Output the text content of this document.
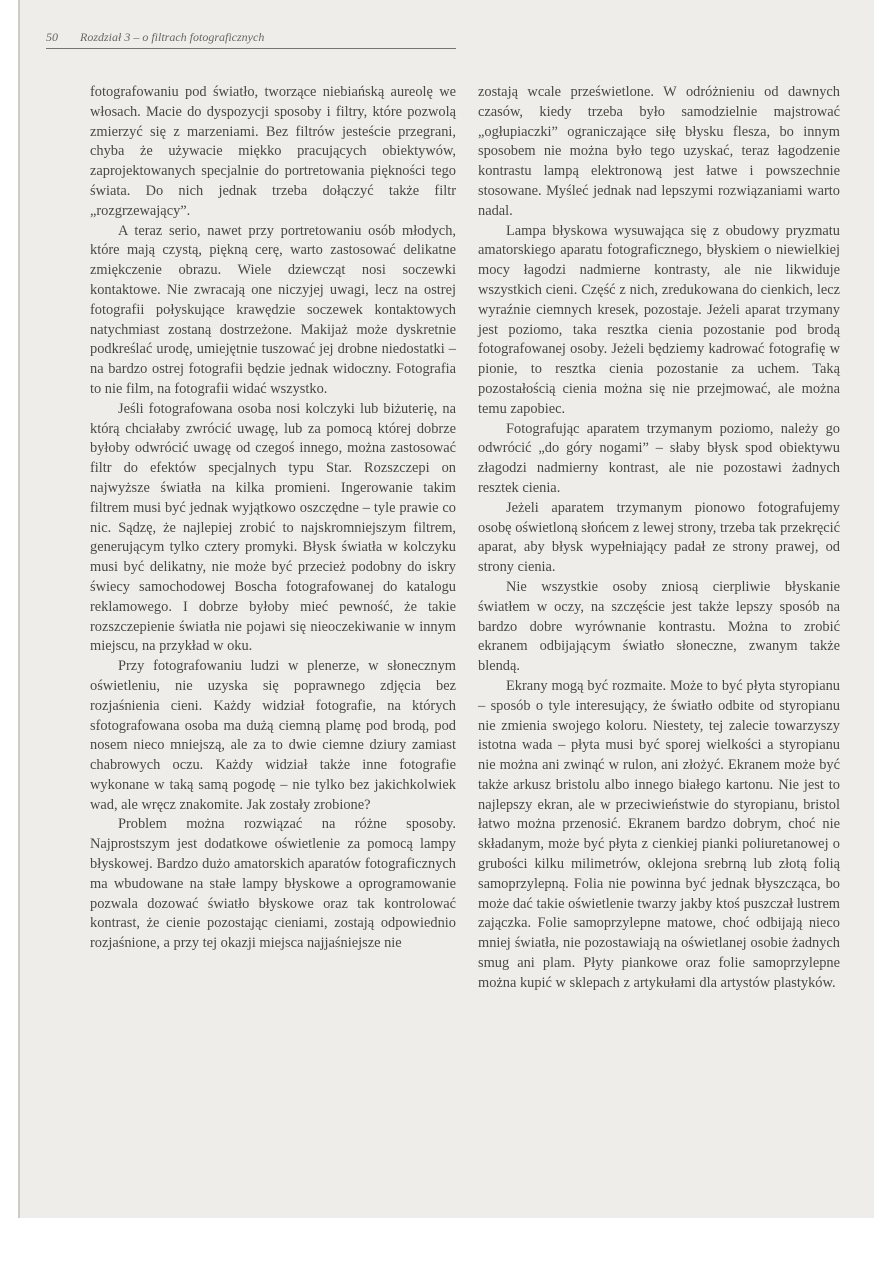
50 Rozdział 3 – o filtrach fotograficznych

fotografowaniu pod światło, tworzące niebiańską aureolę we włosach. Macie do dyspozycji sposoby i filtry, które pozwolą zmierzyć się z marzeniami. Bez filtrów jesteście przegrani, chyba że używacie miękko pracujących obiektywów, zaprojektowanych specjalnie do portretowania piękności tego świata. Do nich jednak trzeba dołączyć także filtr „rozgrzewający”.

A teraz serio, nawet przy portretowaniu osób młodych, które mają czystą, piękną cerę, warto zastosować delikatne zmiękczenie obrazu. Wiele dziewcząt nosi soczewki kontaktowe. Nie zwracają one niczyjej uwagi, lecz na ostrej fotografii połyskujące krawędzie soczewek kontaktowych natychmiast zostaną dostrzeżone. Makijaż może dyskretnie podkreślać urodę, umiejętnie tuszować jej drobne niedostatki – na bardzo ostrej fotografii będzie jednak widoczny. Fotografia to nie film, na fotografii widać wszystko.

Jeśli fotografowana osoba nosi kolczyki lub biżuterię, na którą chciałaby zwrócić uwagę, lub za pomocą której dobrze byłoby odwrócić uwagę od czegoś innego, można zastosować filtr do efektów specjalnych typu Star. Rozszczepi on najwyższe światła na kilka promieni. Ingerowanie takim filtrem musi być jednak wyjątkowo oszczędne – tyle prawie co nic. Sądzę, że najlepiej zrobić to najskromniejszym filtrem, generującym tylko cztery promyki. Błysk światła w kolczyku musi być delikatny, nie może być przecież podobny do iskry świecy samochodowej Boscha fotografowanej do katalogu reklamowego. I dobrze byłoby mieć pewność, że takie rozszczepienie światła nie pojawi się nieoczekiwanie w innym miejscu, na przykład w oku.

Przy fotografowaniu ludzi w plenerze, w słonecznym oświetleniu, nie uzyska się poprawnego zdjęcia bez rozjaśnienia cieni. Każdy widział fotografie, na których sfotografowana osoba ma dużą ciemną plamę pod brodą, pod nosem nieco mniejszą, ale za to dwie ciemne dziury zamiast chabrowych oczu. Każdy widział także inne fotografie wykonane w taką samą pogodę – nie tylko bez jakichkolwiek wad, ale wręcz znakomite. Jak zostały zrobione?

Problem można rozwiązać na różne sposoby. Najprostszym jest dodatkowe oświetlenie za pomocą lampy błyskowej. Bardzo dużo amatorskich aparatów fotograficznych ma wbudowane na stałe lampy błyskowe a oprogramowanie pozwala dozować światło błyskowe oraz tak kontrolować kontrast, że cienie pozostając cieniami, zostają odpowiednio rozjaśnione, a przy tej okazji miejsca najjaśniejsze nie

zostają wcale prześwietlone. W odróżnieniu od dawnych czasów, kiedy trzeba było samodzielnie majstrować „ogłupiaczki” ograniczające siłę błysku flesza, bo innym sposobem nie można było tego uzyskać, teraz łagodzenie kontrastu lampą elektronową jest łatwe i powszechnie stosowane. Myśleć jednak nad lepszymi rozwiązaniami warto nadal.

Lampa błyskowa wysuwająca się z obudowy pryzmatu amatorskiego aparatu fotograficznego, błyskiem o niewielkiej mocy łagodzi nadmierne kontrasty, ale nie likwiduje wszystkich cieni. Część z nich, zredukowana do cienkich, lecz wyraźnie ciemnych kresek, pozostaje. Jeżeli aparat trzymany jest poziomo, taka resztka cienia pozostanie pod brodą fotografowanej osoby. Jeżeli będziemy kadrować fotografię w pionie, to resztka cienia pozostanie za uchem. Taką pozostałością cienia można się nie przejmować, ale można temu zapobiec.

Fotografując aparatem trzymanym poziomo, należy go odwrócić „do góry nogami” – słaby błysk spod obiektywu złagodzi nadmierny kontrast, ale nie pozostawi żadnych resztek cienia.

Jeżeli aparatem trzymanym pionowo fotografujemy osobę oświetloną słońcem z lewej strony, trzeba tak przekręcić aparat, aby błysk wypełniający padał ze strony prawej, od strony cienia.

Nie wszystkie osoby zniosą cierpliwie błyskanie światłem w oczy, na szczęście jest także lepszy sposób na bardzo dobre wyrównanie kontrastu. Można to zrobić ekranem odbijającym światło słoneczne, zwanym także blendą.

Ekrany mogą być rozmaite. Może to być płyta styropianu – sposób o tyle interesujący, że światło odbite od styropianu nie zmienia swojego koloru. Niestety, tej zalecie towarzyszy istotna wada – płyta musi być sporej wielkości a styropianu nie można ani zwinąć w rulon, ani złożyć. Ekranem może być także arkusz bristolu albo innego białego kartonu. Nie jest to najlepszy ekran, ale w przeciwieństwie do styropianu, bristol łatwo można przenosić. Ekranem bardzo dobrym, choć nie składanym, może być płyta z cienkiej pianki poliuretanowej o grubości kilku milimetrów, oklejona srebrną lub złotą folią samoprzylepną. Folia nie powinna być jednak błyszcząca, bo może dać takie oświetlenie twarzy jakby ktoś puszczał lustrem zajączka. Folie samoprzylepne matowe, choć odbijają nieco mniej światła, nie pozostawiają na oświetlanej osobie żadnych smug ani plam. Płyty piankowe oraz folie samoprzylepne można kupić w sklepach z artykułami dla artystów plastyków.
